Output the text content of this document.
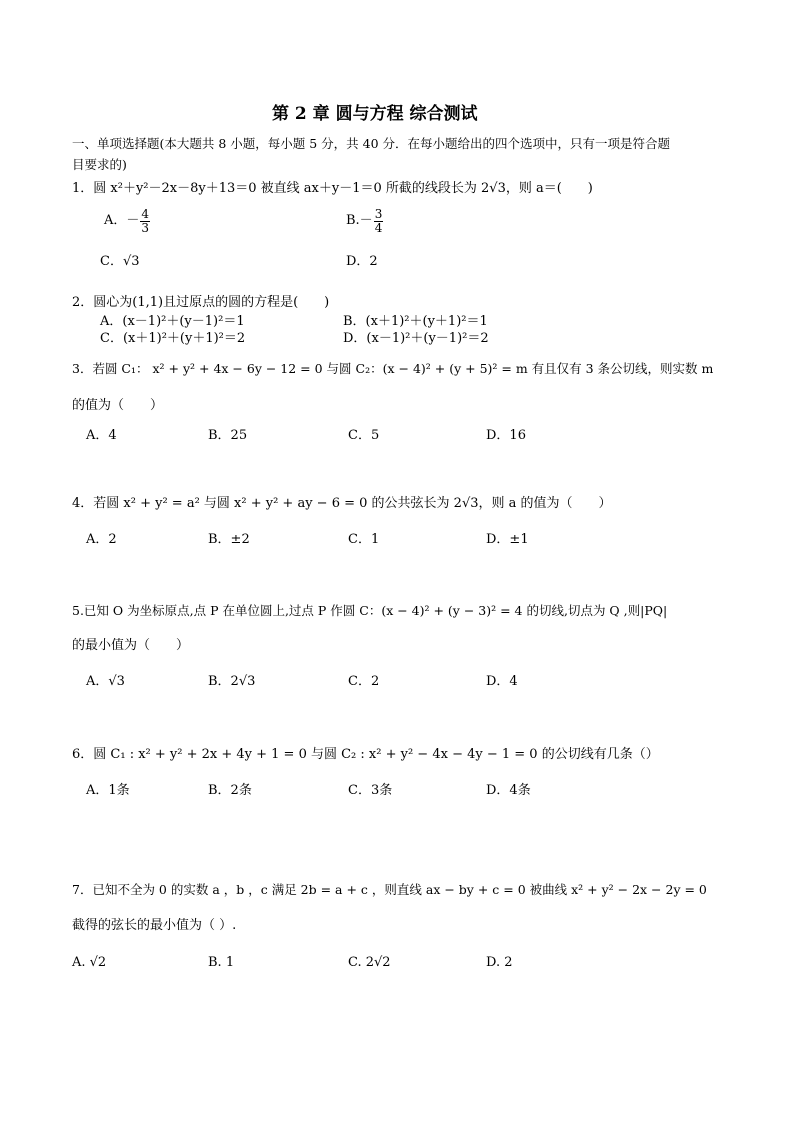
第 2 章 圆与方程 综合测试
一、单项选择题(本大题共 8 小题，每小题 5 分，共 40 分．在每小题给出的四个选项中，只有一项是符合题
目要求的)
1．圆 x²＋y²－2x－8y＋13＝0 被直线 ax＋y－1＝0 所截的线段长为 2√3，则 a＝(　　)
A．－ $\frac{4}{3}$	$B.- \frac{3}{4}$
C．√3	D．2
2．圆心为(1,1)且过原点的圆的方程是(　　)
A．(x－1)²＋(y－1)²＝1	B．(x＋1)²＋(y＋1)²＝1
C．(x＋1)²＋(y＋1)²＝2	D．(x－1)²＋(y－1)²＝2
3．若圆 C₁： x² + y² + 4x − 6y − 12 = 0 与圆 C₂：(x − 4)² + (y + 5)² = m 有且仅有 3 条公切线，则实数 m
的值为（　　）
A．4	B．25	C．5	D．16
4．若圆 x² + y² = a² 与圆 x² + y² + ay − 6 = 0 的公共弦长为 2√3，则 a 的值为（　　）
A．2	B．±2	C．1	D．±1
5.已知 O 为坐标原点,点 P 在单位圆上,过点 P 作圆 C：(x − 4)² + (y − 3)² = 4 的切线,切点为 Q ,则|PQ|
的最小值为（　　）
A．√3	B．2√3	C．2	D．4
6．圆 C₁ : x² + y² + 2x + 4y + 1 = 0 与圆 C₂ : x² + y² − 4x − 4y − 1 = 0 的公切线有几条（）
A．1条	B．2条	C．3条	D．4条
7．已知不全为 0 的实数 a ，b ，c 满足 2b = a + c ，则直线 ax − by + c = 0 被曲线 x² + y² − 2x − 2y = 0
截得的弦长的最小值为（ ）.
A. √2	B. 1	C. 2√2	D. 2
